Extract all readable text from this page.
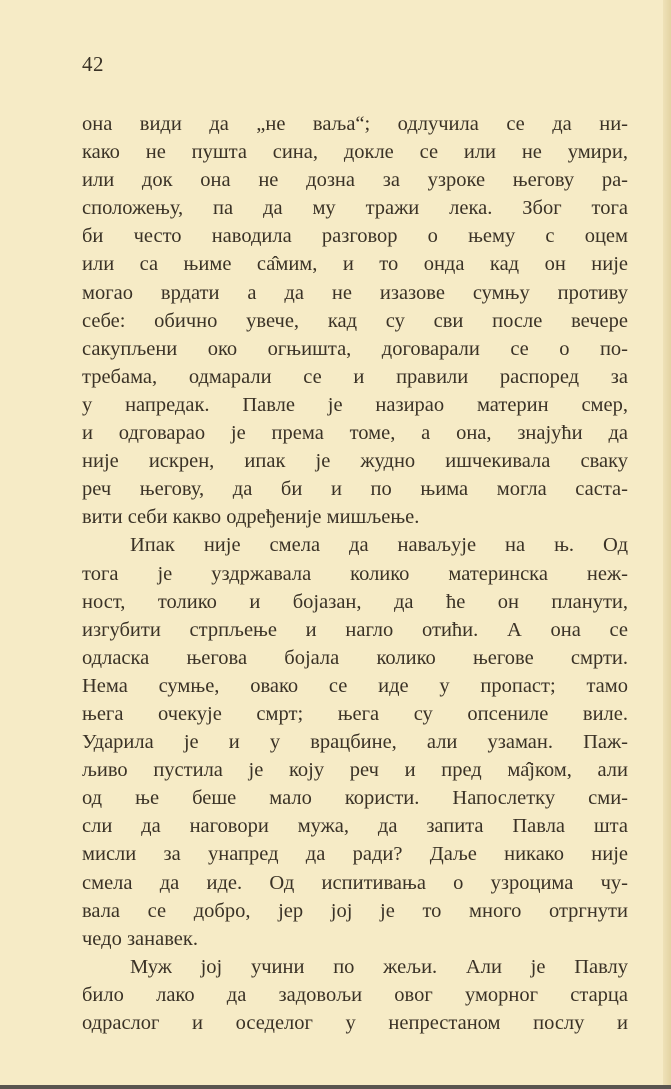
42
она види да „не ваља“; одлучила се да ни-
како не пушта сина, докле се или не умири,
или док она не дозна за узроке његову ра-
сположењу, па да му тражи лека. Због тога
би често наводила разговор о њему с оцем
или са њиме са̂мим, и то онда кад он није
могао врдати а да не изазове сумњу противу
себе: обично увече, кад су сви после вечере
сакупљени око огњишта, договарали се о по-
требама, одмарали се и правили распоред за
у напредак. Павле је назирао материн смер,
и одговарао је према томе, а она, знајући да
није искрен, ипак је жудно ишчекивала сваку
реч његову, да би и по њима могла саста-
вити себи какво одређеније мишљење.
Ипак није смела да наваљује на њ. Од
тога је уздржавала колико материнска неж-
ност, толико и бојазан, да ће он планути,
изгубити стрпљење и нагло отићи. А она се
одласка његова бојала колико његове смрти.
Нема сумње, овако се иде у пропаст; тамо
њега очекује смрт; њега су опсениле виле.
Ударила је и у врацбине, али узаман. Паж-
љиво пустила је коју реч и пред ма̂јком, али
од ње беше мало користи. Напослетку сми-
сли да наговори мужа, да запита Павла шта
мисли за унапред да ради? Даље никако није
смела да иде. Од испитивања о узроцима чу-
вала се добро, јер јој је то много отргнути
чедо занавек.
Муж јој учини по жељи. Али је Павлу
било лако да задовољи овог уморног старца
одраслог и оседелог у непрестаном послу и
